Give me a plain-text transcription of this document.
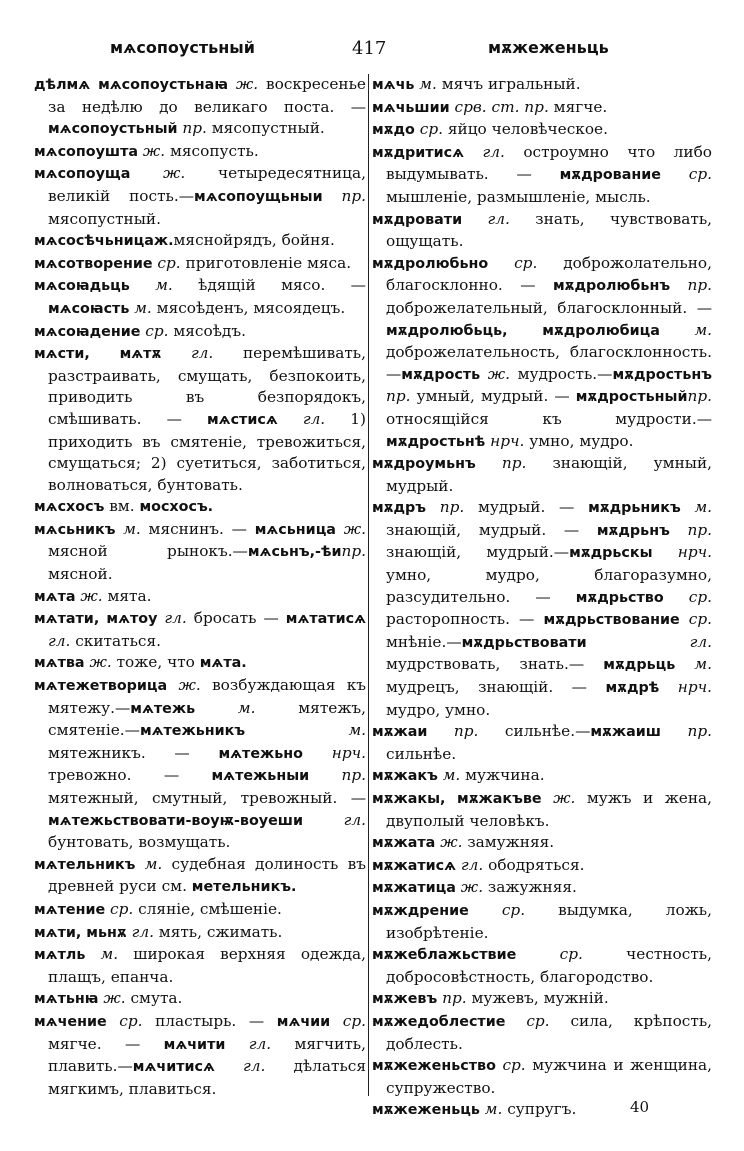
мѧсопоустьный	417	мѫжеженьць

дѣлмѧ мѧсопоустьнаꙗ ж. воскресенье за недѣлю до великаго поста. —мѧсопоустьный пр. мясопустный.

мѧсопоушта ж. мясопусть.

мѧсопоуща ж. четыредесятница, великій пость.—мѧсопоущьныи пр. мясопустный.

мѧсосѣчьницаж.мяснойрядъ, бойня.

мѧсотворение ср. приготовленіе мяса.

мѧсоꙗдьць м. ѣдящій мясо. — мѧсоꙗсть м. мясоѣденъ, мясоядецъ.

мѧсоꙗдение ср. мясоѣдъ.

мѧсти, мѧтѫ гл. перемѣшивать, разстраивать, смущать, безпокоить, приводить въ безпорядокъ, смѣшивать. — мѧстисѧ гл. 1) приходить въ смятеніе, тревожиться, смущаться; 2) суетиться, заботиться, волноваться, бунтовать.

мѧсхосъ вм. мосхосъ.

мѧсьникъ м. мяснинъ. — мѧсьница ж. мясной рынокъ.—мѧсьнъ,-ѣипр. мясной.

мѧта ж. мята.

мѧтати, мѧтоу гл. бросать — мѧтатисѧ гл. скитаться.

мѧтва ж. тоже, что мѧта.

мѧтежетворица ж. возбуждающая къ мятежу.—мѧтежь м. мятежъ, смятеніе.—мѧтежьникъ м. мятежникъ. — мѧтежьно нрч. тревожно. — мѧтежьныи пр. мятежный, смутный, тревожный. — мѧтежьствовати-воуѭ-воуеши гл. бунтовать, возмущать.

мѧтельникъ м. судебная долиность въ древней руси см. метельникъ.

мѧтение ср. сляніе, смѣшеніе.

мѧти, мьнѫ гл. мять, сжимать.

мѧтль м. широкая верхняя одежда, плащъ, епанча.

мѧтьнꙗ ж. смута.

мѧчение ср. пластырь. — мѧчии ср. мягче. — мѧчити гл. мягчить, плавить.—мѧчитисѧ гл. дѣлаться мягкимъ, плавиться.

мѧчь м. мячъ игральный.

мѧчьшии срв. ст. пр. мягче.

мѫдо ср. яйцо человѣческое.

мѫдритисѧ гл. остроумно что либо выдумывать. — мѫдрование ср. мышленіе, размышленіе, мысль.

мѫдровати гл. знать, чувствовать, ощущать.

мѫдролюбьно ср. доброжолательно, благосклонно. — мѫдролюбьнъ пр. доброжелательный, благосклонный. — мѫдролюбьць, мѫдролюбица м. доброжелательность, благосклонность.—мѫдрость ж. мудрость.—мѫдростьнъ пр. умный, мудрый. — мѫдростьныйпр. относящійся къ мудрости.—мѫдростьнѣ нрч. умно, мудро.

мѫдроумьнъ пр. знающій, умный, мудрый.

мѫдръ пр. мудрый. — мѫдрьникъ м. знающій, мудрый. — мѫдрьнъ пр. знающій, мудрый.—мѫдрьскы нрч. умно, мудро, благоразумно, разсудительно. — мѫдрьство ср. расторопность. — мѫдрьствование ср. мнѣніе.—мѫдрьствовати гл. мудрствовать, знать.— мѫдрьць м. мудрецъ, знающій. — мѫдрѣ нрч. мудро, умно.

мѫжаи пр. сильнѣе.—мѫжаиш пр. сильнѣе.

мѫжакъ м. мужчина.

мѫжакы, мѫжакъве ж. мужъ и жена, двуполый человѣкъ.

мѫжата ж. замужняя.

мѫжатисѧ гл. ободряться.

мѫжатица ж. зажужняя.

мѫждрение ср. выдумка, ложь, изобрѣтеніе.

мѫжеблажьствие ср. честность, добросовѣстность, благородство.

мѫжевъ пр. мужевъ, мужній.

мѫжедоблестие ср. сила, крѣпость, доблесть.

мѫжеженьство ср. мужчина и женщина, супружество.

мѫжеженьць м. супругъ.	40
